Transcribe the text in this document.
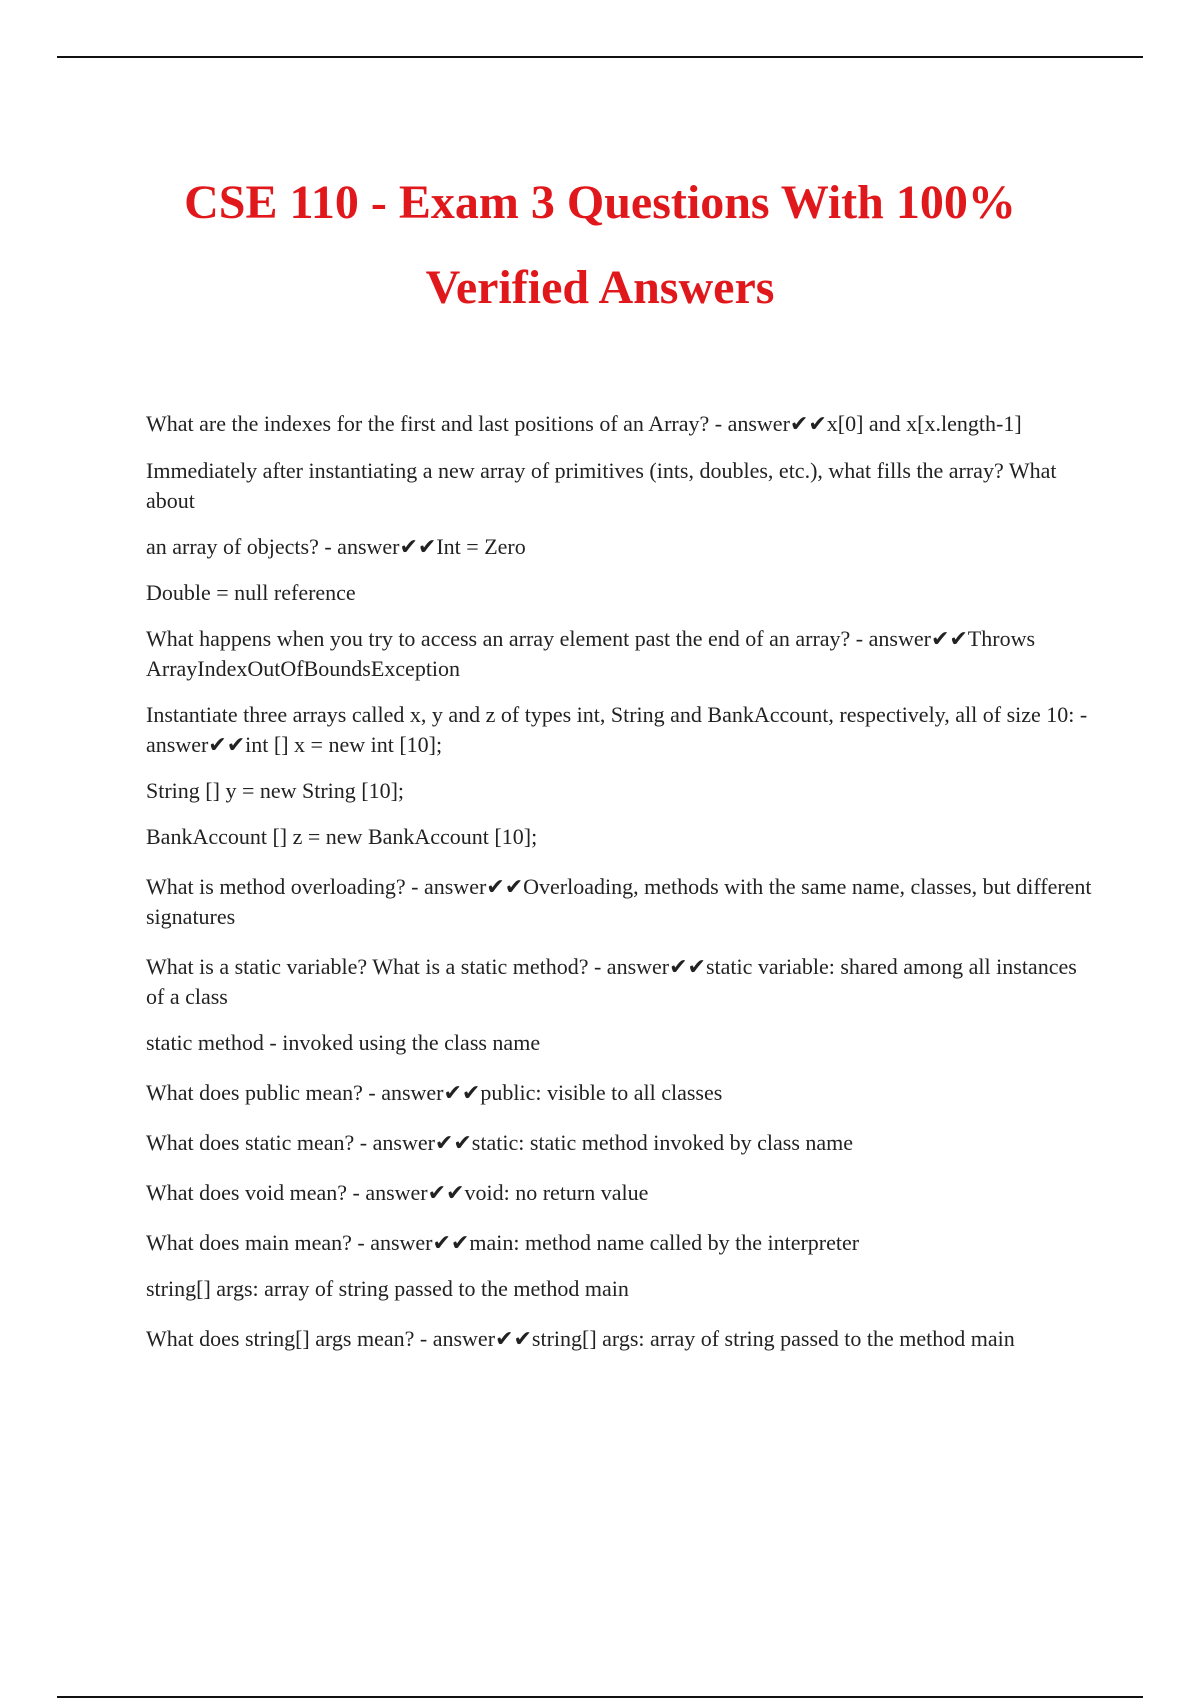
CSE 110 - Exam 3 Questions With 100% Verified Answers

What are the indexes for the first and last positions of an Array? - answer✔✔x[0] and x[x.length-1]

Immediately after instantiating a new array of primitives (ints, doubles, etc.), what fills the array? What about

an array of objects? - answer✔✔Int = Zero

Double = null reference

What happens when you try to access an array element past the end of an array? - answer✔✔Throws ArrayIndexOutOfBoundsException

Instantiate three arrays called x, y and z of types int, String and BankAccount, respectively, all of size 10: - answer✔✔int [] x = new int [10];

String [] y = new String [10];

BankAccount [] z = new BankAccount [10];

What is method overloading? - answer✔✔Overloading, methods with the same name, classes, but different signatures

What is a static variable? What is a static method? - answer✔✔static variable: shared among all instances of a class

static method - invoked using the class name

What does public mean? - answer✔✔public: visible to all classes

What does static mean? - answer✔✔static: static method invoked by class name

What does void mean? - answer✔✔void: no return value

What does main mean? - answer✔✔main: method name called by the interpreter

string[] args: array of string passed to the method main

What does string[] args mean? - answer✔✔string[] args: array of string passed to the method main
